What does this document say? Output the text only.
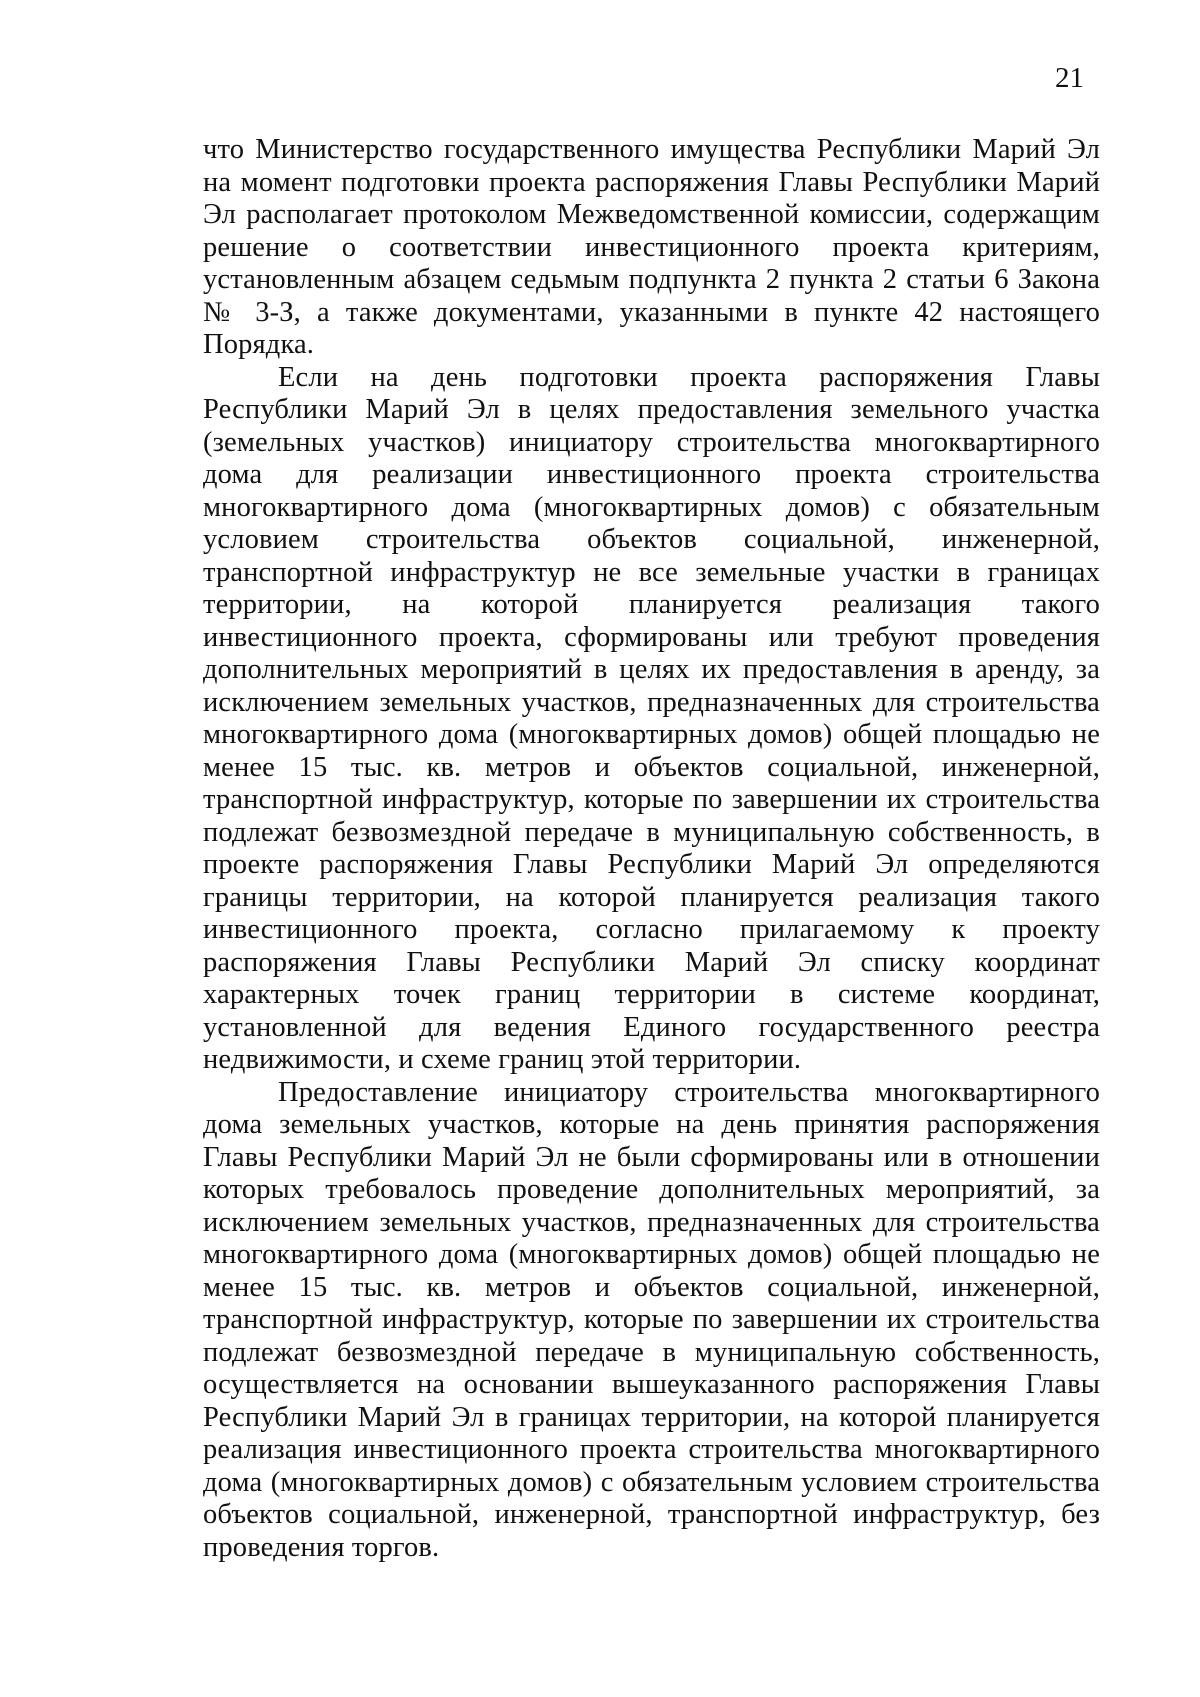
21

что Министерство государственного имущества Республики Марий Эл на момент подготовки проекта распоряжения Главы Республики Марий Эл располагает протоколом Межведомственной комиссии, содержащим решение о соответствии инвестиционного проекта критериям, установленным абзацем седьмым подпункта 2 пункта 2 статьи 6 Закона № 3-З, а также документами, указанными в пункте 42 настоящего Порядка.

Если на день подготовки проекта распоряжения Главы Республики Марий Эл в целях предоставления земельного участка (земельных участков) инициатору строительства многоквартирного дома для реализации инвестиционного проекта строительства многоквартирного дома (многоквартирных домов) с обязательным условием строительства объектов социальной, инженерной, транспортной инфраструктур не все земельные участки в границах территории, на которой планируется реализация такого инвестиционного проекта, сформированы или требуют проведения дополнительных мероприятий в целях их предоставления в аренду, за исключением земельных участков, предназначенных для строительства многоквартирного дома (многоквартирных домов) общей площадью не менее 15 тыс. кв. метров и объектов социальной, инженерной, транспортной инфраструктур, которые по завершении их строительства подлежат безвозмездной передаче в муниципальную собственность, в проекте распоряжения Главы Республики Марий Эл определяются границы территории, на которой планируется реализация такого инвестиционного проекта, согласно прилагаемому к проекту распоряжения Главы Республики Марий Эл списку координат характерных точек границ территории в системе координат, установленной для ведения Единого государственного реестра недвижимости, и схеме границ этой территории.

Предоставление инициатору строительства многоквартирного дома земельных участков, которые на день принятия распоряжения Главы Республики Марий Эл не были сформированы или в отношении которых требовалось проведение дополнительных мероприятий, за исключением земельных участков, предназначенных для строительства многоквартирного дома (многоквартирных домов) общей площадью не менее 15 тыс. кв. метров и объектов социальной, инженерной, транспортной инфраструктур, которые по завершении их строительства подлежат безвозмездной передаче в муниципальную собственность, осуществляется на основании вышеуказанного распоряжения Главы Республики Марий Эл в границах территории, на которой планируется реализация инвестиционного проекта строительства многоквартирного дома (многоквартирных домов) с обязательным условием строительства объектов социальной, инженерной, транспортной инфраструктур, без проведения торгов.
